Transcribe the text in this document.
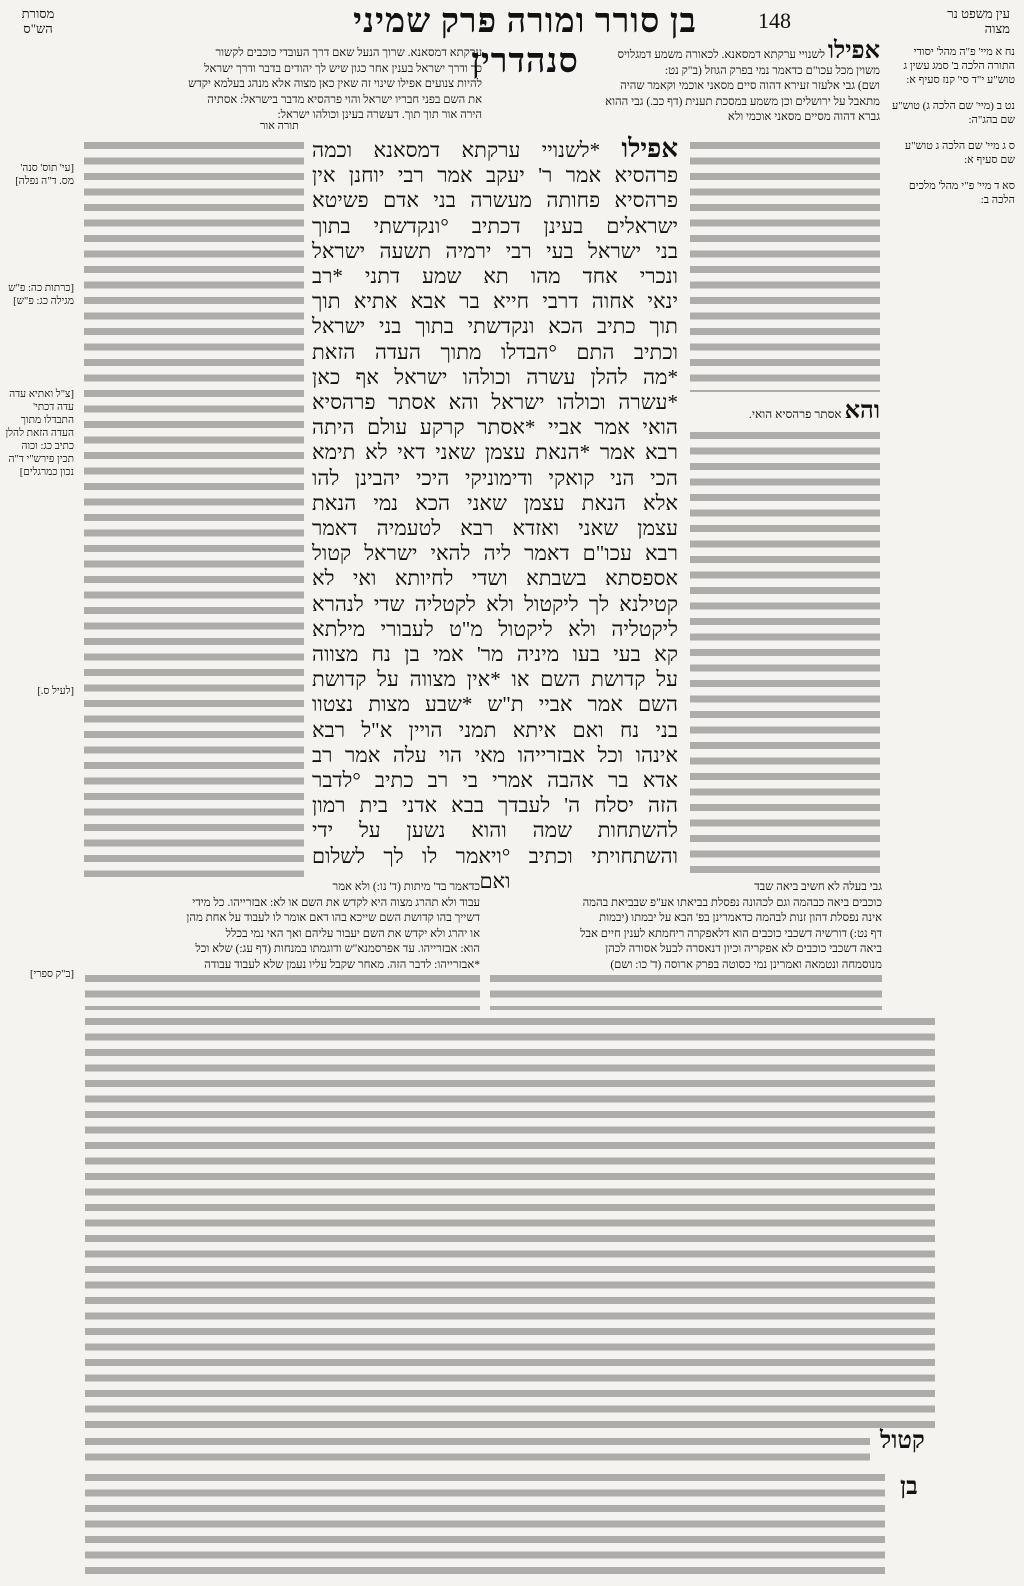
מסורת הש"ס	בן סורר ומורה פרק שמיני סנהדרין
148	עין משפט נר מצוה
נח א מיי' פ"ה מהל' יסודי התורה הלכה ב' סמג עשין ג טוש"ע י"ד סי' קנז סעיף א:
נט ב (מיי' שם הלכה ג) טוש"ע שם בהג"ה:
ס ג מיי' שם הלכה ג טוש"ע שם סעיף א:
סא ד מיי' פ"י מהל' מלכים הלכה ב:
[עי' תוס' סנה' מס. ד"ה נפלה]
[כרתות כה: פ"ש מגילה כג: פ"ש]
[צ"ל ואתיא עדה עדה דכתי' התבדלו מתוך העדה הזאת להלן כתיב כג: וכוה תכין פירש"י ד"ה נכון כמרגלים]
[לעיל ס.]
[ב"ק ספרי]
ערקתא דמסאנא. שרוך הנעל שאם דרך העובדי כוכבים לקשור
כך ודרך ישראל בענין אחר כגון שיש לך יהודים בדבר ודרך ישראל
להיות צנועים אפילו שינוי זה שאין כאן מצוה אלא מנהג בעלמא יקדש
את השם בפני חבריו ישראל והוי פרהסיא מדבר בישראל: אסתיה
הירה אור תוך תוך. דעשרה בעינן וכולהו ישראל:
תורה אור
אפילו לשנויי ערקתא דמסאנא. לכאורה משמע דמגלויס
משוין מכל עכו"ם כדאמר נמי בפרק הגוזל (ב"ק נט:
ושם) גבי אלעזר זעירא דהוה סיים מסאני אוכמי וקאמר שהיה
מתאבל על ירושלים וכן משמע במסכת תענית (דף כב.) גבי ההוא
גברא דהוה מסיים מסאני אוכמי ולא
והא אסתר פרהסיא הואי.
אפילו *לשנויי ערקתא דמסאנא וכמה
פרהסיא אמר ר' יעקב אמר רבי יוחנן אין
פרהסיא פחותה מעשרה בני אדם פשיטא
ישראלים בעינן דכתיב °ונקדשתי בתוך
בני ישראל בעי רבי ירמיה תשעה ישראל
ונכרי אחד מהו תא שמע דתני *רב
ינאי אחוה דרבי חייא בר אבא אתיא תוך
תוך כתיב הכא ונקדשתי בתוך בני ישראל
וכתיב התם °הבדלו מתוך העדה הזאת
*מה להלן עשרה וכולהו ישראל אף כאן
*עשרה וכולהו ישראל והא אסתר פרהסיא
הואי אמר אביי *אסתר קרקע עולם היתה
רבא אמר *הנאת עצמן שאני דאי לא תימא
הכי הני קואקי ודימוניקי היכי יהבינן להו
אלא הנאת עצמן שאני הכא נמי הנאת
עצמן שאני ואזדא רבא לטעמיה דאמר
רבא עכו"ם דאמר ליה להאי ישראל קטול
אספסתא בשבתא ושדי לחיותא ואי לא
קטילנא לך ליקטול ולא לקטליה שדי לנהרא
ליקטליה ולא ליקטול מ"ט לעבורי מילתא
קא בעי בעו מיניה מר' אמי בן נח מצווה
על קדושת השם או *אין מצווה על קדושת
השם אמר אביי ת"ש *שבע מצות נצטוו
בני נח ואם איתא תמני הויין א"ל רבא
אינהו וכל אבזרייהו מאי הוי עלה אמר רב
אדא בר אהבה אמרי בי רב כתיב °לדבר
הזה יסלח ה' לעבדך בבא אדני בית רמון
להשתחות שמה והוא נשען על ידי
והשתחויתי וכתיב °ויאמר לו לך לשלום
ואם
כדאמר בד' מיתות (ד' נו:) ולא אמר
עבוד ולא תהרג מצוה היא לקדש את השם או לא: אבזרייהו. כל מידי
דשייך בהו קדושת השם שייכא בהו דאם אומר לו לעבוד על אחת מהן
או יהרג ולא יקדש את השם יעבור עליהם ואך האי נמי בכלל
הוא: אבזרייהו. עד אפרסמנא"ש ודוגמתו במנחות (דף עג:) שלא וכל
*אבזרייהו: לדבר הזה. מאחר שקבל עליו נעמן שלא לעבוד עבודה
גבי בעלה לא חשיב ביאה שבד
כוכבים ביאה כבהמה וגם לכהונה נפסלת בביאתו אע"פ שבביאת בהמה
אינה נפסלת דהון זנות לבהמה כדאמרינן בפ' הבא על יבמתו (יבמות
דף נט:) דורשיה דשכבי כוכבים הוא דלאפקרה ריחמתא לענין חיים אבל
ביאה דשכבי כוכבים לא אפקריה וכיון דנאסרה לבעל אסורה לכהן
מנוסמחה ונטמאה ואמרינן נמי כסוטה בפרק ארוסה (ד' כו: ושם)
קטול
בן
